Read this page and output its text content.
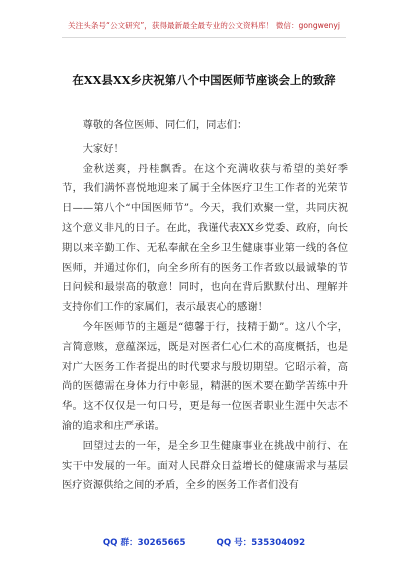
关注头条号“公文研究”，获得最新最全最专业的公文资料库！ 微信：gongwenyj
在XX县XX乡庆祝第八个中国医师节座谈会上的致辞

尊敬的各位医师、同仁们，同志们：

大家好！

金秋送爽，丹桂飘香。在这个充满收获与希望的美好季节，我们满怀喜悦地迎来了属于全体医疗卫生工作者的光荣节日——第八个“中国医师节”。今天，我们欢聚一堂，共同庆祝这个意义非凡的日子。在此，我谨代表XX乡党委、政府，向长期以来辛勤工作、无私奉献在全乡卫生健康事业第一线的各位医师，并通过你们，向全乡所有的医务工作者致以最诚挚的节日问候和最崇高的敬意！同时，也向在背后默默付出、理解并支持你们工作的家属们，表示最衷心的感谢！

今年医师节的主题是“德馨于行，技精于勤”。这八个字，言简意赅，意蕴深远，既是对医者仁心仁术的高度概括，也是对广大医务工作者提出的时代要求与殷切期望。它昭示着，高尚的医德需在身体力行中彰显，精湛的医术要在勤学苦练中升华。这不仅仅是一句口号，更是每一位医者职业生涯中矢志不渝的追求和庄严承诺。

回望过去的一年，是全乡卫生健康事业在挑战中前行、在实干中发展的一年。面对人民群众日益增长的健康需求与基层医疗资源供给之间的矛盾，全乡的医务工作者们没有

QQ 群：30265665	QQ 号：535304092
